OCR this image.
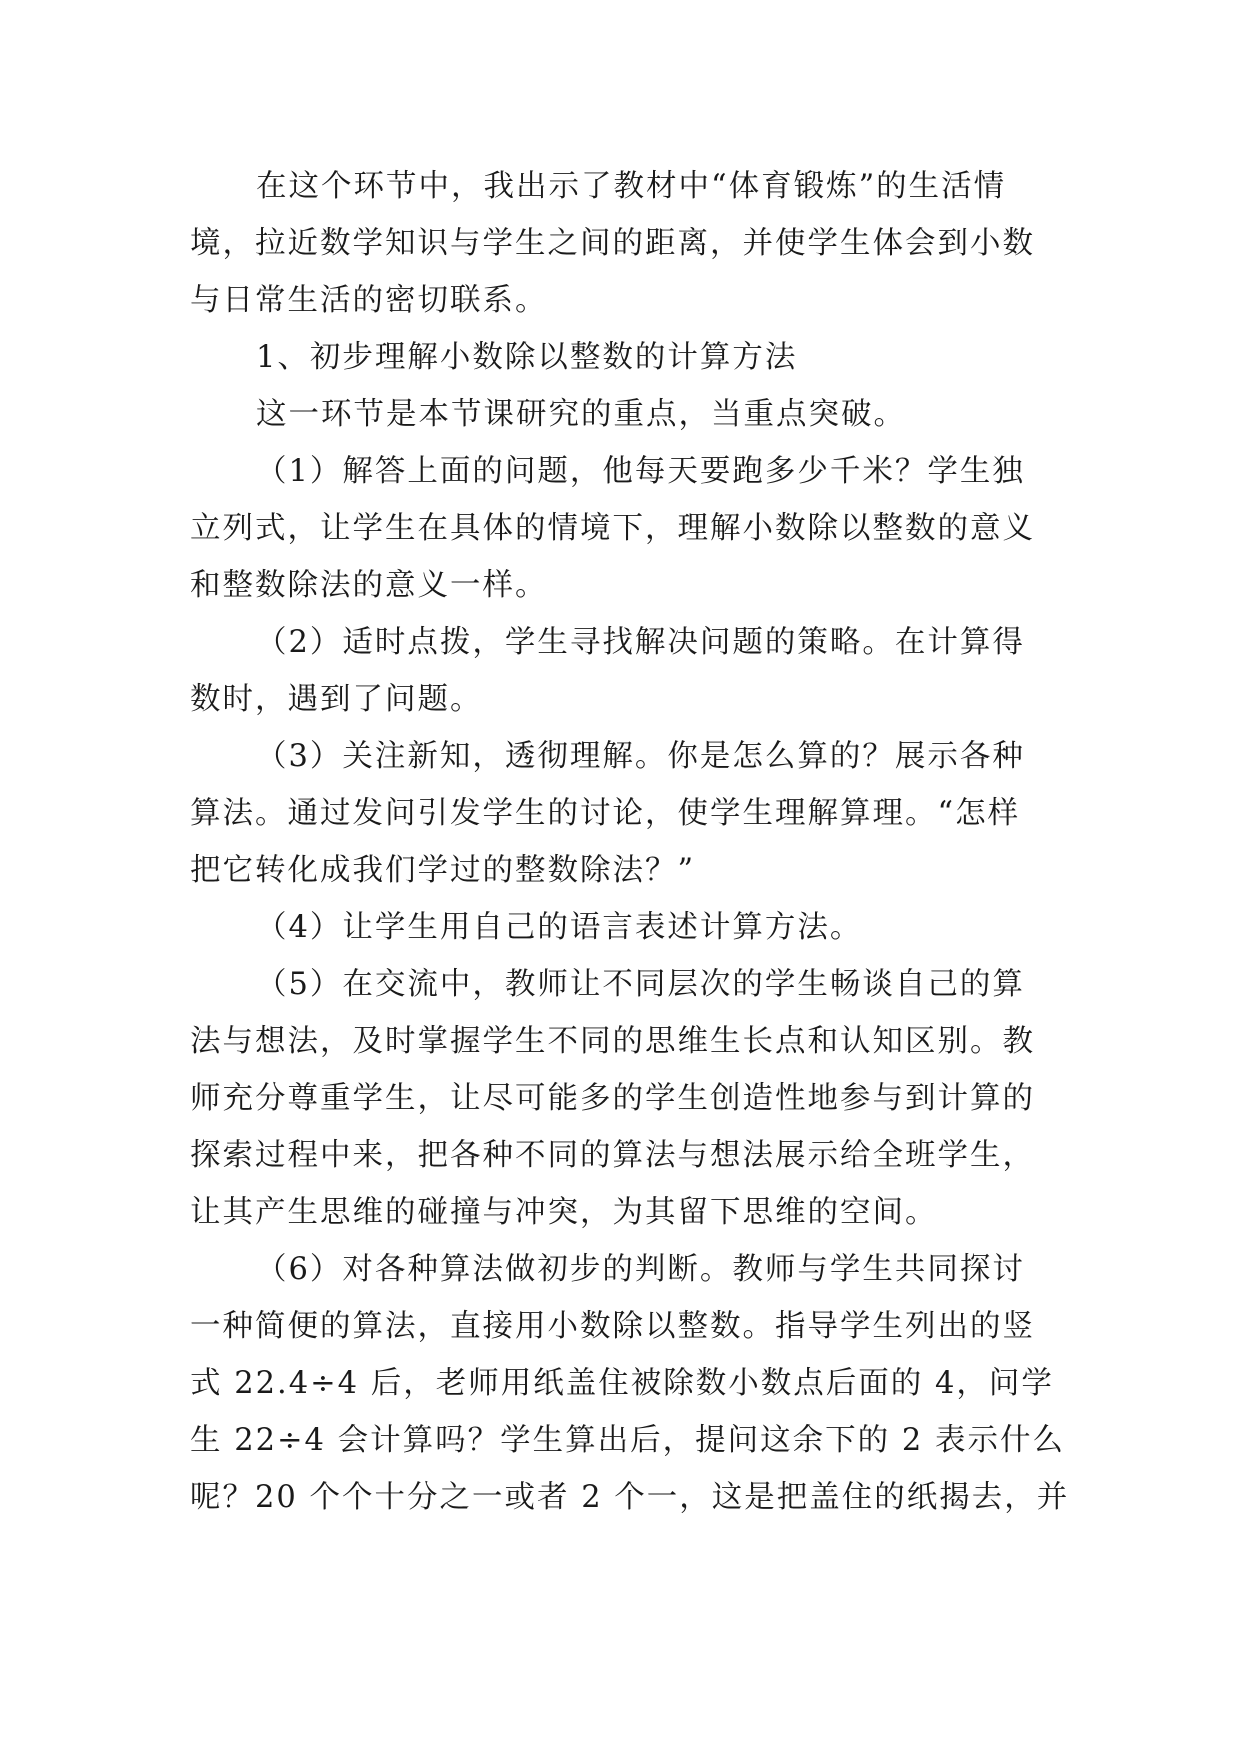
在这个环节中，我出示了教材中“体育锻炼”的生活情
境，拉近数学知识与学生之间的距离，并使学生体会到小数
与日常生活的密切联系。
1、初步理解小数除以整数的计算方法
这一环节是本节课研究的重点，当重点突破。
（1）解答上面的问题，他每天要跑多少千米？学生独
立列式，让学生在具体的情境下，理解小数除以整数的意义
和整数除法的意义一样。
（2）适时点拨，学生寻找解决问题的策略。在计算得
数时，遇到了问题。
（3）关注新知，透彻理解。你是怎么算的？展示各种
算法。通过发问引发学生的讨论，使学生理解算理。“怎样
把它转化成我们学过的整数除法？”
（4）让学生用自己的语言表述计算方法。
（5）在交流中，教师让不同层次的学生畅谈自己的算
法与想法，及时掌握学生不同的思维生长点和认知区别。教
师充分尊重学生，让尽可能多的学生创造性地参与到计算的
探索过程中来，把各种不同的算法与想法展示给全班学生，
让其产生思维的碰撞与冲突，为其留下思维的空间。
（6）对各种算法做初步的判断。教师与学生共同探讨
一种简便的算法，直接用小数除以整数。指导学生列出的竖
式 22.4÷4 后，老师用纸盖住被除数小数点后面的 4，问学
生 22÷4 会计算吗？学生算出后，提问这余下的 2 表示什么
呢？20 个个十分之一或者 2 个一，这是把盖住的纸揭去，并
